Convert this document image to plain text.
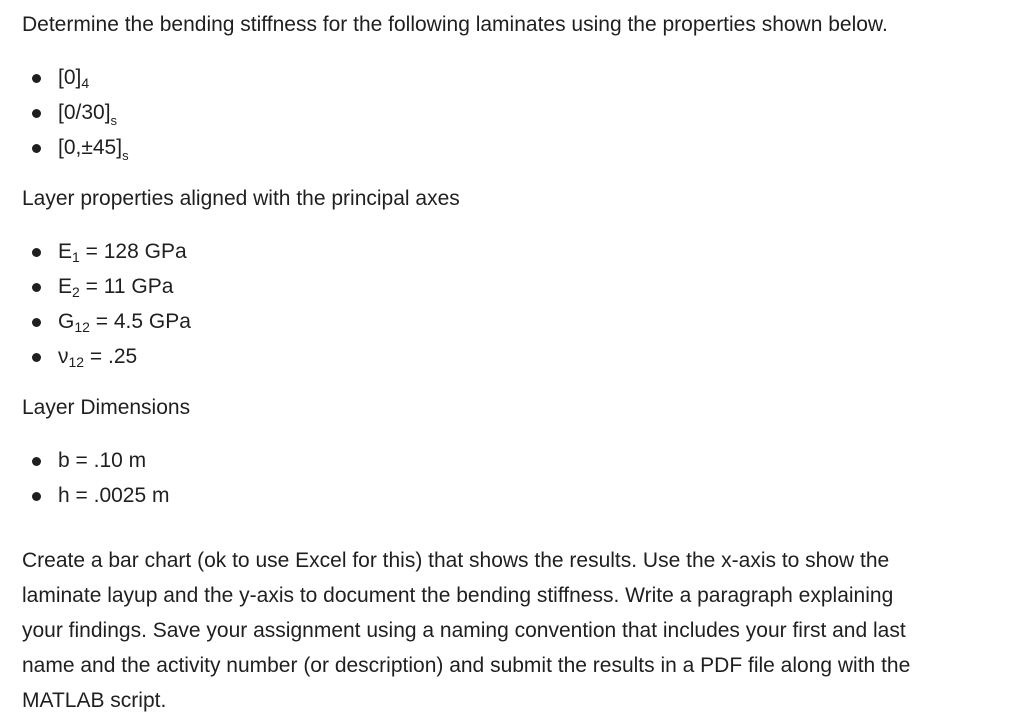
Determine the bending stiffness for the following laminates using the properties shown below.

$[0]_4$
$[0/30]_s$
$[0,\pm 45]_s$

Layer properties aligned with the principal axes

$E_1 = 128$ GPa
$E_2 = 11$ GPa
$G_{12} = 4.5$ GPa
$\nu_{12} = .25$

Layer Dimensions

b = .10 m
h = .0025 m

Create a bar chart (ok to use Excel for this) that shows the results. Use the x-axis to show the

laminate layup and the y-axis to document the bending stiffness. Write a paragraph explaining

your findings. Save your assignment using a naming convention that includes your first and last

name and the activity number (or description) and submit the results in a PDF file along with the

MATLAB script.
